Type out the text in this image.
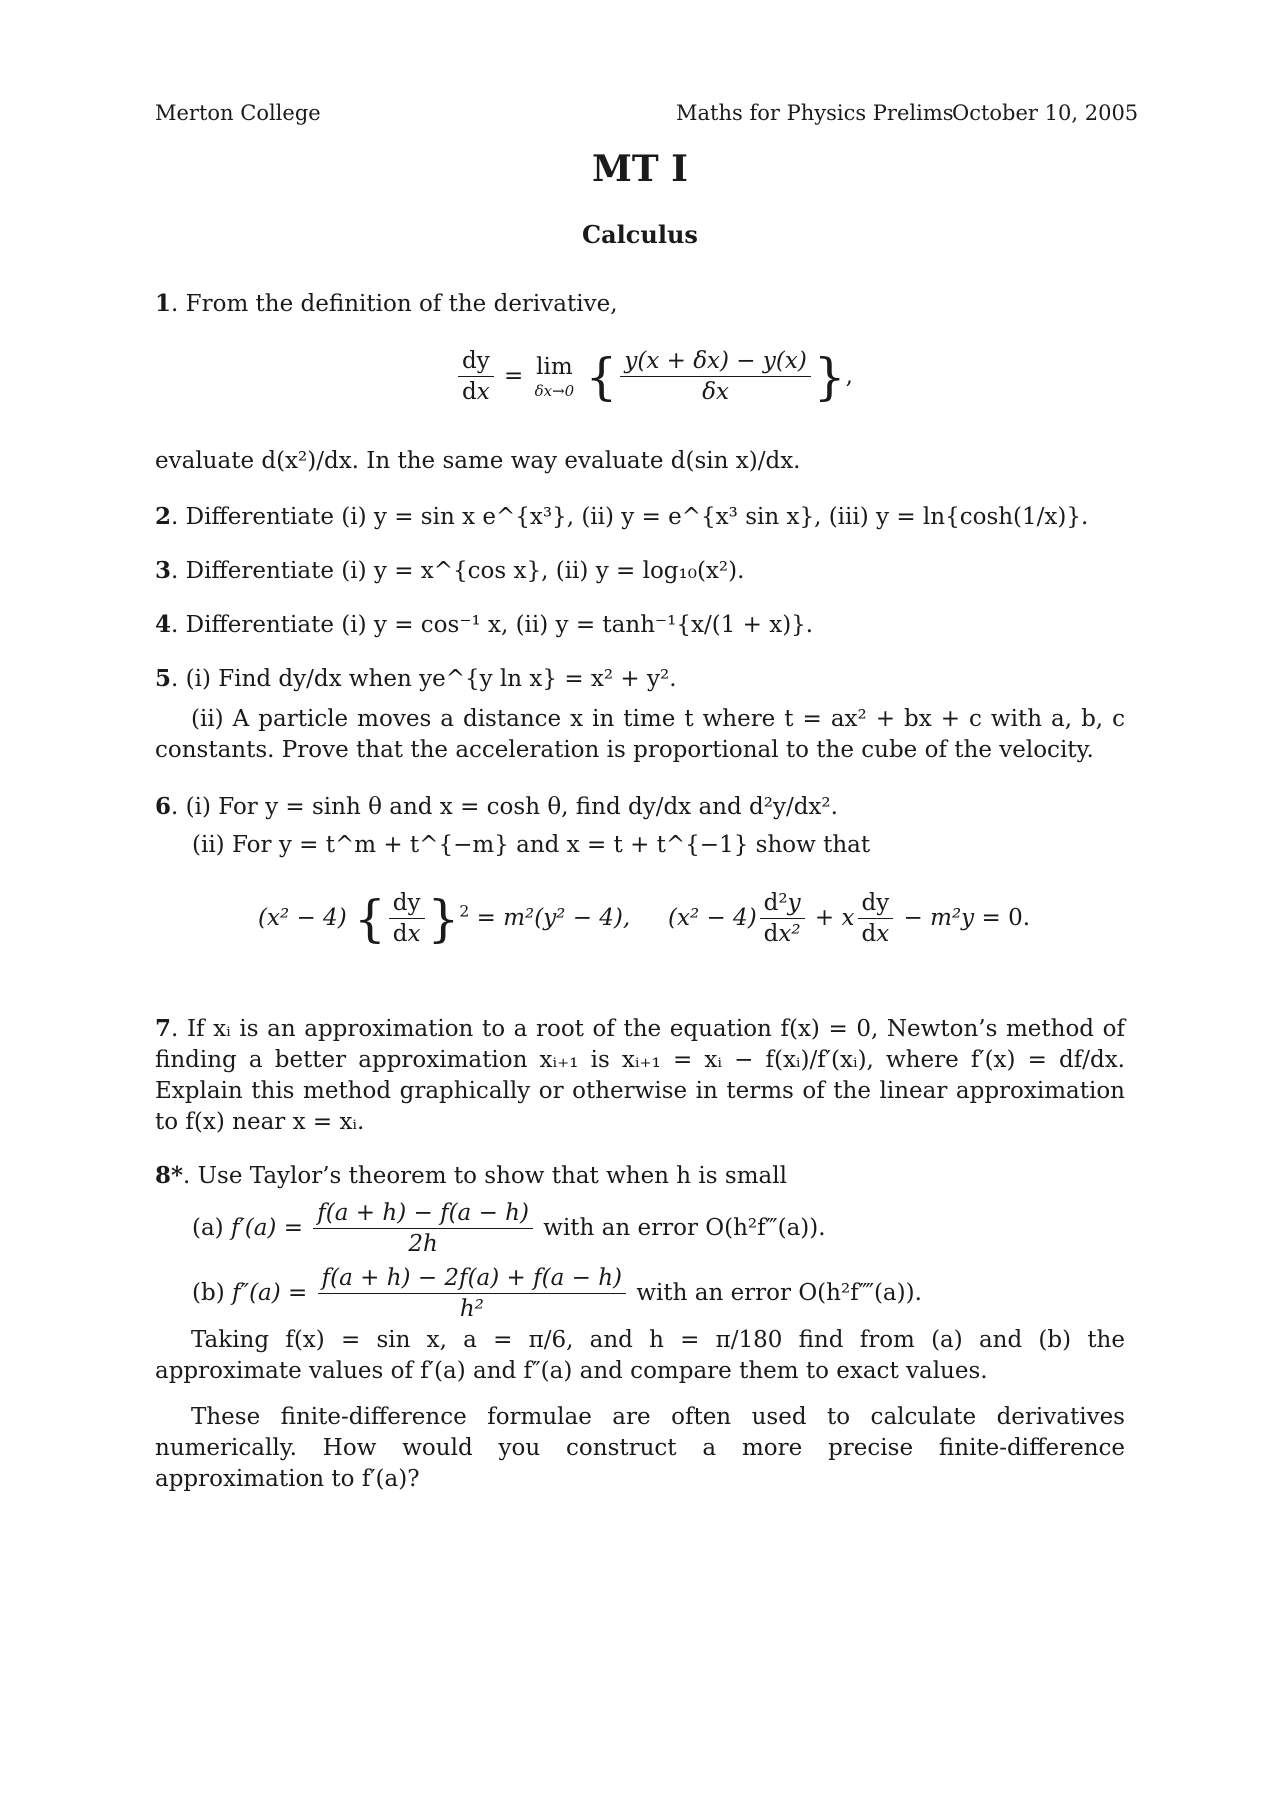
Merton College	Maths for Physics Prelims
October 10, 2005
MT I
Calculus
1. From the definition of the derivative,
$\frac{dy}{dx} = \lim$
δx→0 { $\frac{y(x + \delta x) - y(x)}{\delta x}$ },
evaluate d(x²)/dx. In the same way evaluate d(sin x)/dx.
2. Differentiate (i) y = sin x e^{x³}, (ii) y = e^{x³ sin x}, (iii) y = ln{cosh(1/x)}.
3. Differentiate (i) y = x^{cos x}, (ii) y = log₁₀(x²).
4. Differentiate (i) y = cos⁻¹ x, (ii) y = tanh⁻¹{x/(1 + x)}.
5. (i) Find dy/dx when ye^{y ln x} = x² + y².
(ii) A particle moves a distance x in time t where t = ax² + bx + c with a, b, c constants. Prove that the acceleration is proportional to the cube of the velocity.
6. (i) For y = sinh θ and x = cosh θ, find dy/dx and d²y/dx².
(ii) For y = t^m + t^{−m} and x = t + t^{−1} show that
(x² − 4) { $\frac{dy}{dx} \}^2 = m^2(y^2 - 4)$, $(x^2 - 4) \frac{\text{d²y}}{\text{dx²}} + x \frac{dy}{dx} - m^2y = 0$.
7. If xᵢ is an approximation to a root of the equation f(x) = 0, Newton’s method of finding a better approximation xᵢ₊₁ is xᵢ₊₁ = xᵢ − f(xᵢ)/f′(xᵢ), where f′(x) = df/dx. Explain this method graphically or otherwise in terms of the linear approximation to f(x) near x = xᵢ.
8*. Use Taylor’s theorem to show that when h is small
(a) $f'(a) = \frac{f(a + h) - f(a - h)}{2h}$ with an error O(h²f‴(a)).
(b) $f''(a) = \frac{f(a + h) - 2f(a) + f(a - h)}{\text{h²}}$ with an error O(h²f⁗(a)).
Taking f(x) = sin x, a = π/6, and h = π/180 find from (a) and (b) the approximate values of f′(a) and f″(a) and compare them to exact values.
These finite-difference formulae are often used to calculate derivatives numerically. How would you construct a more precise finite-difference approximation to f′(a)?
